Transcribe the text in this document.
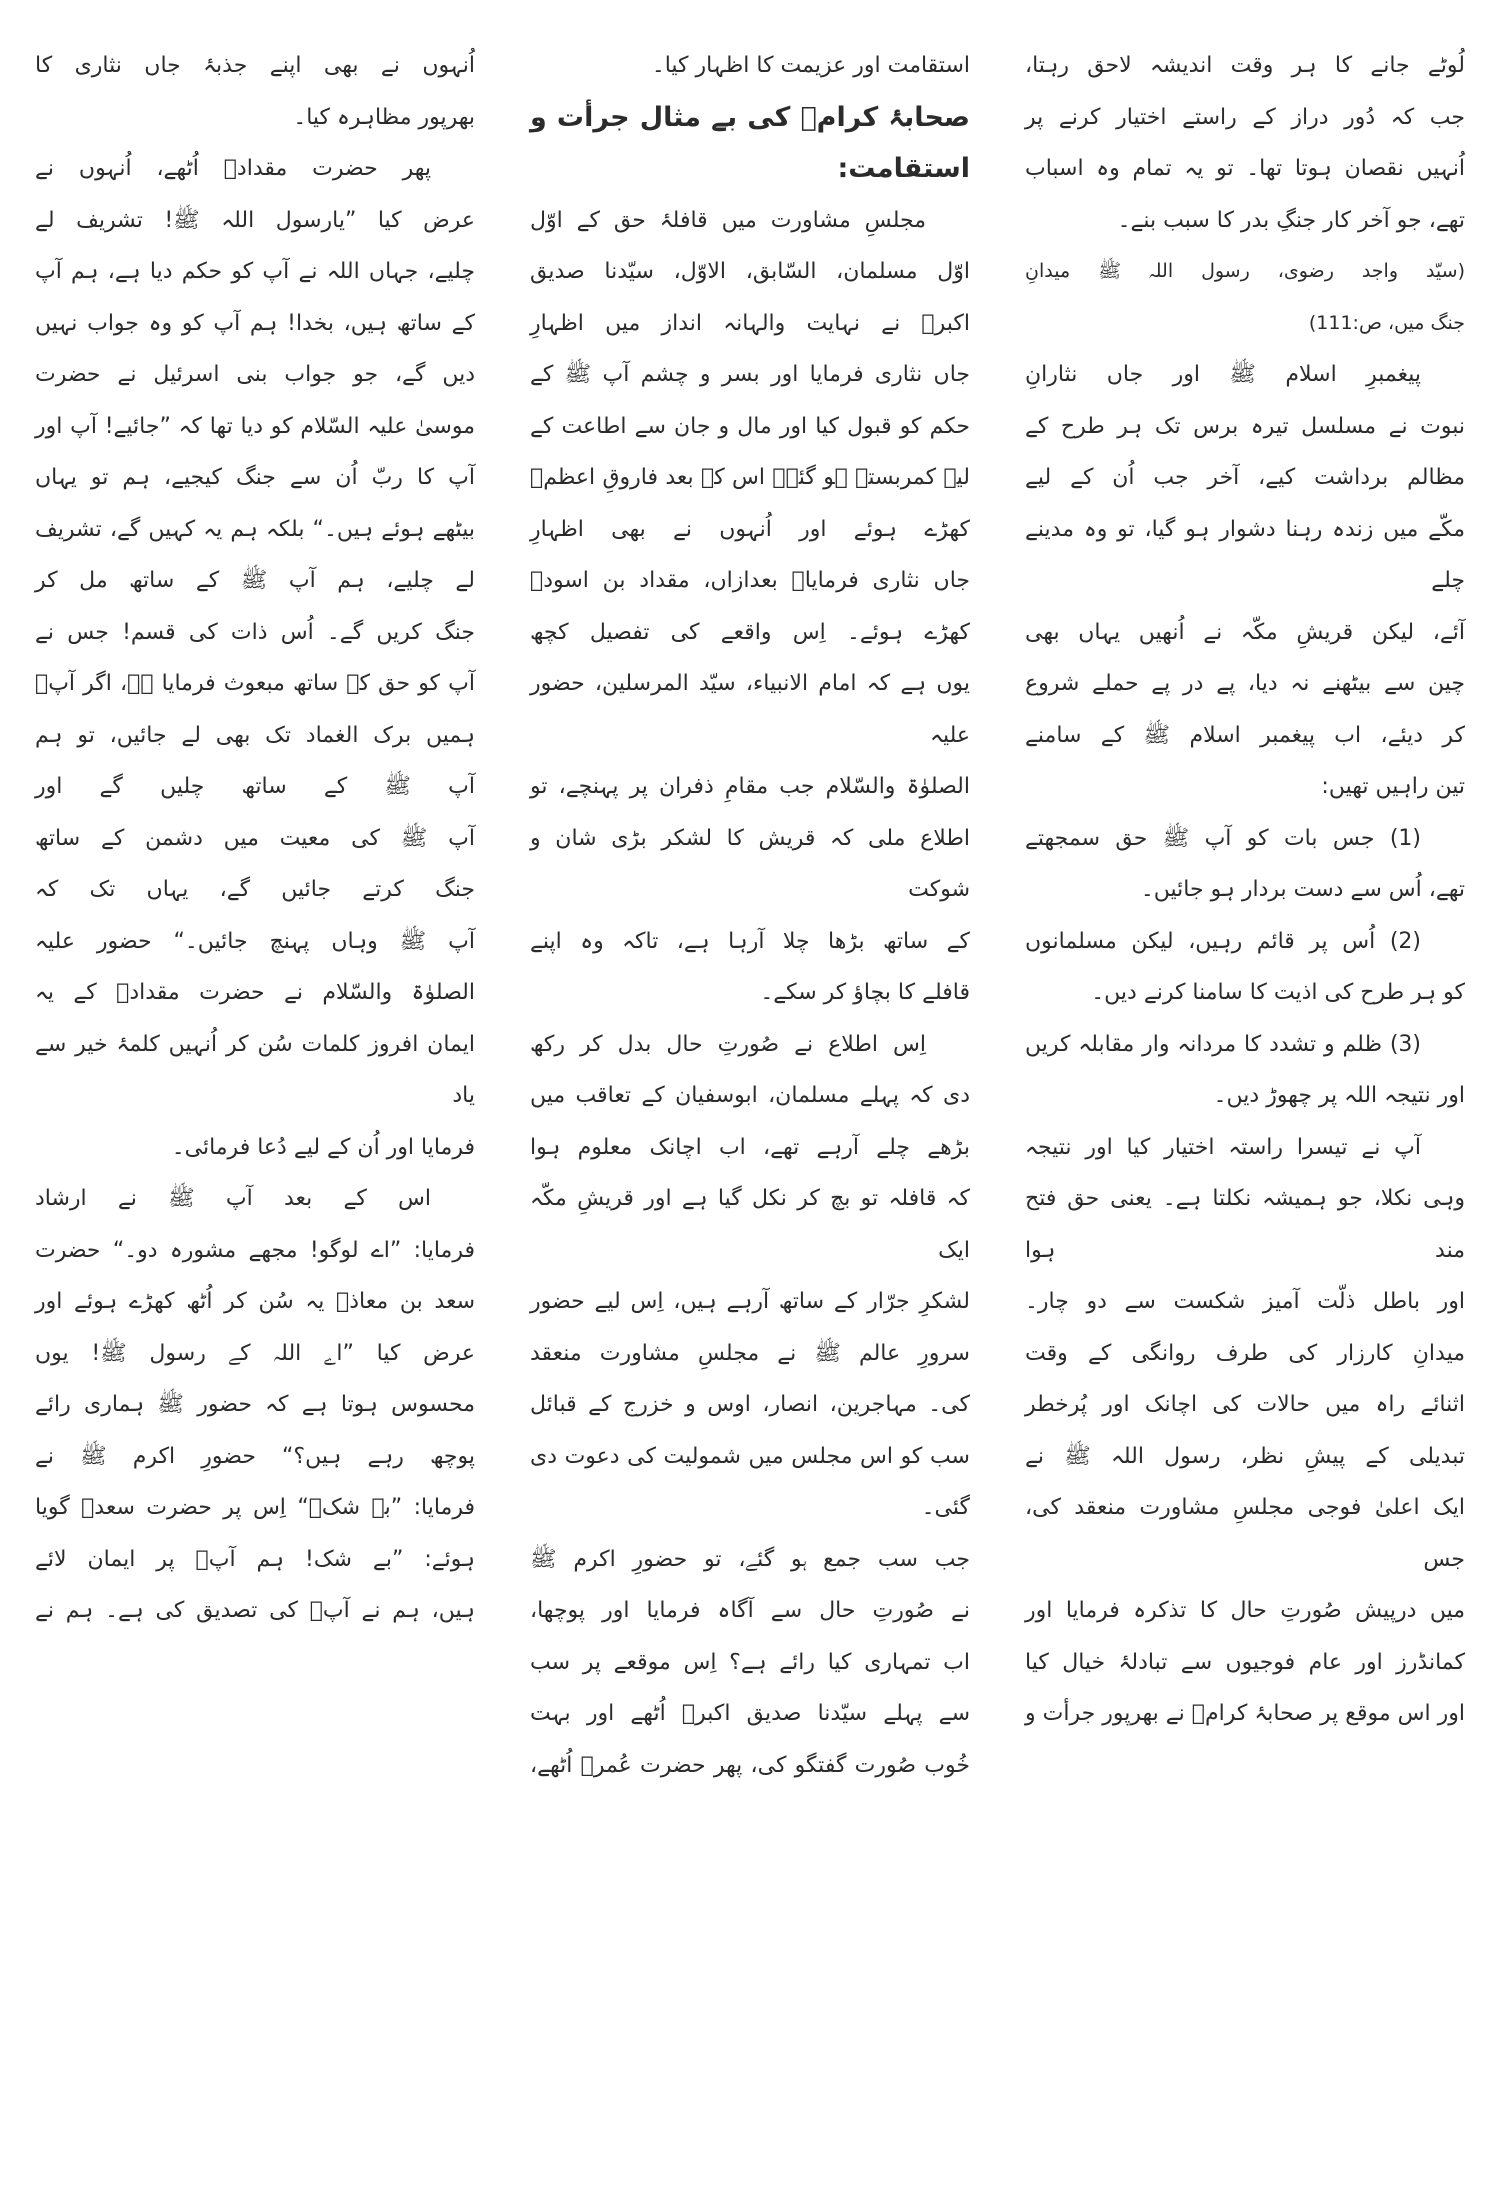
لُوٹے جانے کا ہر وقت اندیشہ لاحق رہتا،
جب کہ دُور دراز کے راستے اختیار کرنے پر
اُنہیں نقصان ہوتا تھا۔ تو یہ تمام وہ اسباب
تھے، جو آخر کار جنگِ بدر کا سبب بنے۔
(سیّد واجد رضوی، رسول اللہ ﷺ میدانِ
جنگ میں، ص:111)
پیغمبرِ اسلام ﷺ اور جاں نثارانِ
نبوت نے مسلسل تیرہ برس تک ہر طرح کے
مظالم برداشت کیے، آخر جب اُن کے لیے
مکّے میں زندہ رہنا دشوار ہو گیا، تو وہ مدینے چلے
آئے، لیکن قریشِ مکّہ نے اُنھیں یہاں بھی
چین سے بیٹھنے نہ دیا، پے در پے حملے شروع
کر دیئے، اب پیغمبر اسلام ﷺ کے سامنے
تین راہیں تھیں:
(1) جس بات کو آپ ﷺ حق سمجھتے
تھے، اُس سے دست بردار ہو جائیں۔
(2) اُس پر قائم رہیں، لیکن مسلمانوں
کو ہر طرح کی اذیت کا سامنا کرنے دیں۔
(3) ظلم و تشدد کا مردانہ وار مقابلہ کریں
اور نتیجہ اللہ پر چھوڑ دیں۔
آپ نے تیسرا راستہ اختیار کیا اور نتیجہ
وہی نکلا، جو ہمیشہ نکلتا ہے۔ یعنی حق فتح مند ہوا
اور باطل ذلّت آمیز شکست سے دو چار۔
میدانِ کارزار کی طرف روانگی کے وقت
اثنائے راہ میں حالات کی اچانک اور پُرخطر
تبدیلی کے پیشِ نظر، رسول اللہ ﷺ نے
ایک اعلیٰ فوجی مجلسِ مشاورت منعقد کی، جس
میں درپیش صُورتِ حال کا تذکرہ فرمایا اور
کمانڈرز اور عام فوجیوں سے تبادلۂ خیال کیا
اور اس موقع پر صحابۂ کرامؓ نے بھرپور جرأت و
استقامت اور عزیمت کا اظہار کیا۔
صحابۂ کرامؓ کی بے مثال جرأت و
استقامت:
مجلسِ مشاورت میں قافلۂ حق کے اوّل
اوّل مسلمان، السّابق، الاوّل، سیّدنا صدیق
اکبرؓ نے نہایت والہانہ انداز میں اظہارِ
جاں نثاری فرمایا اور بسر و چشم آپ ﷺ کے
حکم کو قبول کیا اور مال و جان سے اطاعت کے
لیے کمربستہ ہو گئے۔ اس کے بعد فاروقِ اعظمؓ
کھڑے ہوئے اور اُنہوں نے بھی اظہارِ
جاں نثاری فرمایا۔ بعدازاں، مقداد بن اسودؓ
کھڑے ہوئے۔ اِس واقعے کی تفصیل کچھ
یوں ہے کہ امام الانبیاء، سیّد المرسلین، حضور علیہ
الصلوٰۃ والسّلام جب مقامِ ذفران پر پہنچے، تو
اطلاع ملی کہ قریش کا لشکر بڑی شان و شوکت
کے ساتھ بڑھا چلا آرہا ہے، تاکہ وہ اپنے
قافلے کا بچاؤ کر سکے۔
اِس اطلاع نے صُورتِ حال بدل کر رکھ
دی کہ پہلے مسلمان، ابوسفیان کے تعاقب میں
بڑھے چلے آرہے تھے، اب اچانک معلوم ہوا
کہ قافلہ تو بچ کر نکل گیا ہے اور قریشِ مکّہ ایک
لشکرِ جرّار کے ساتھ آرہے ہیں، اِس لیے حضور
سرورِ عالم ﷺ نے مجلسِ مشاورت منعقد
کی۔ مہاجرین، انصار، اوس و خزرج کے قبائل
سب کو اس مجلس میں شمولیت کی دعوت دی گئی۔
جب سب جمع ہو گئے، تو حضورِ اکرم ﷺ
نے صُورتِ حال سے آگاہ فرمایا اور پوچھا،
اب تمہاری کیا رائے ہے؟ اِس موقعے پر سب
سے پہلے سیّدنا صدیق اکبرؓ اُٹھے اور بہت
خُوب صُورت گفتگو کی، پھر حضرت عُمرؓ اُٹھے،
اُنہوں نے بھی اپنے جذبۂ جاں نثاری کا
بھرپور مظاہرہ کیا۔
پھر حضرت مقدادؓ اُٹھے، اُنہوں نے
عرض کیا ”یارسول اللہ ﷺ! تشریف لے
چلیے، جہاں اللہ نے آپ کو حکم دیا ہے، ہم آپ
کے ساتھ ہیں، بخدا! ہم آپ کو وہ جواب نہیں
دیں گے، جو جواب بنی اسرئیل نے حضرت
موسیٰ علیہ السّلام کو دیا تھا کہ ”جائیے! آپ اور
آپ کا ربّ اُن سے جنگ کیجیے، ہم تو یہاں
بیٹھے ہوئے ہیں۔“ بلکہ ہم یہ کہیں گے، تشریف
لے چلیے، ہم آپ ﷺ کے ساتھ مل کر
جنگ کریں گے۔ اُس ذات کی قسم! جس نے
آپ کو حق کے ساتھ مبعوث فرمایا ہے، اگر آپؐ
ہمیں برک الغماد تک بھی لے جائیں، تو ہم
آپ ﷺ کے ساتھ چلیں گے اور
آپ ﷺ کی معیت میں دشمن کے ساتھ
جنگ کرتے جائیں گے، یہاں تک کہ
آپ ﷺ وہاں پہنچ جائیں۔“ حضور علیہ
الصلوٰۃ والسّلام نے حضرت مقدادؓ کے یہ
ایمان افروز کلمات سُن کر اُنہیں کلمۂ خیر سے یاد
فرمایا اور اُن کے لیے دُعا فرمائی۔
اس کے بعد آپ ﷺ نے ارشاد
فرمایا: ”اے لوگو! مجھے مشورہ دو۔“ حضرت
سعد بن معاذؓ یہ سُن کر اُٹھ کھڑے ہوئے اور
عرض کیا ”اے اللہ کے رسول ﷺ! یوں
محسوس ہوتا ہے کہ حضور ﷺ ہماری رائے
پوچھ رہے ہیں؟“ حضورِ اکرم ﷺ نے
فرمایا: ”بے شک۔“ اِس پر حضرت سعدؓ گویا
ہوئے: ”بے شک! ہم آپؐ پر ایمان لائے
ہیں، ہم نے آپؐ کی تصدیق کی ہے۔ ہم نے
